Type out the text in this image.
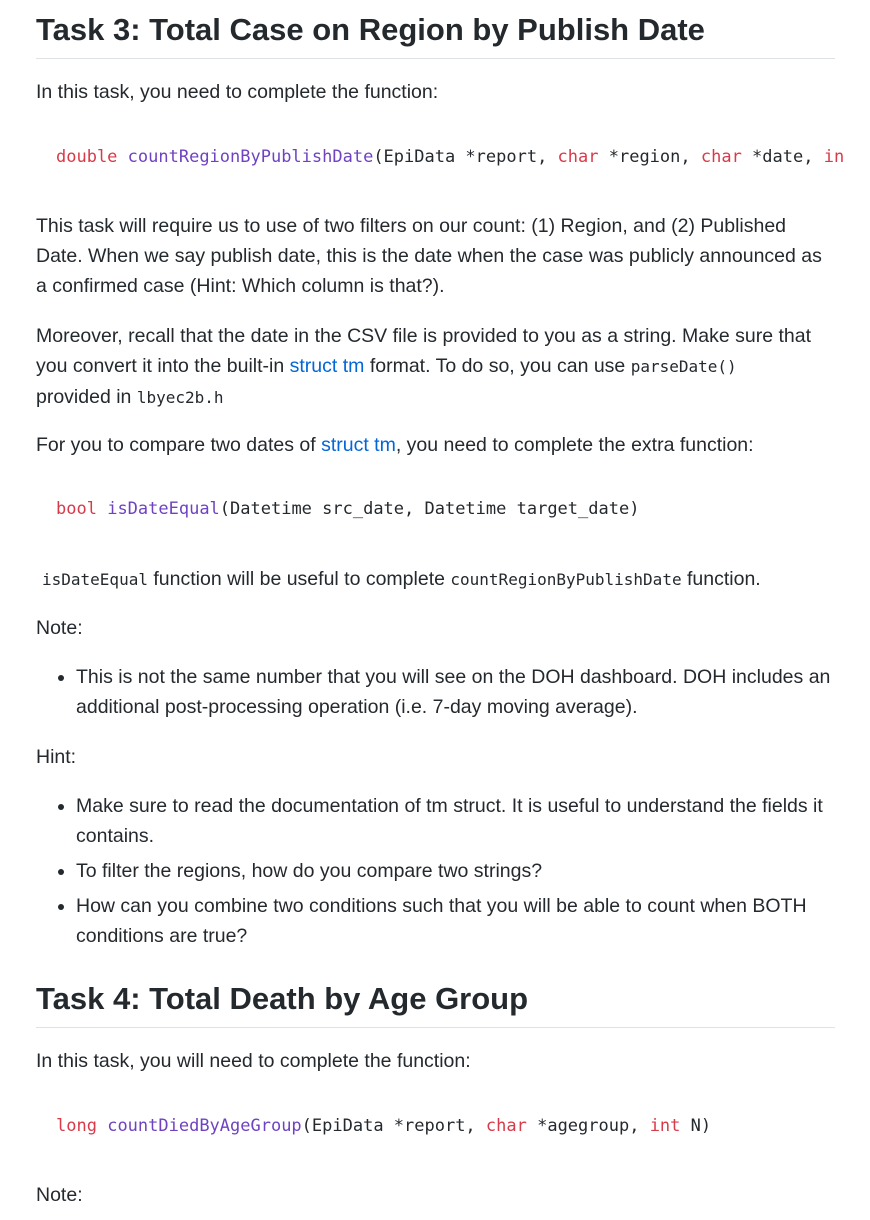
Task 3: Total Case on Region by Publish Date

In this task, you need to complete the function:

double countRegionByPublishDate(EpiData *report, char *region, char *date, in

This task will require us to use of two filters on our count: (1) Region, and (2) Published Date. When we say publish date, this is the date when the case was publicly announced as a confirmed case (Hint: Which column is that?).

Moreover, recall that the date in the CSV file is provided to you as a string. Make sure that you convert it into the built-in struct tm format. To do so, you can use parseDate()
provided in lbyec2b.h

For you to compare two dates of struct tm, you need to complete the extra function:

bool isDateEqual(Datetime src_date, Datetime target_date)

isDateEqual function will be useful to complete countRegionByPublishDate function.

Note:

• This is not the same number that you will see on the DOH dashboard. DOH includes an additional post-processing operation (i.e. 7-day moving average).

Hint:

• Make sure to read the documentation of tm struct. It is useful to understand the fields it contains.
• To filter the regions, how do you compare two strings?
• How can you combine two conditions such that you will be able to count when BOTH conditions are true?
Task 4: Total Death by Age Group

In this task, you will need to complete the function:

long countDiedByAgeGroup(EpiData *report, char *agegroup, int N)

Note:
